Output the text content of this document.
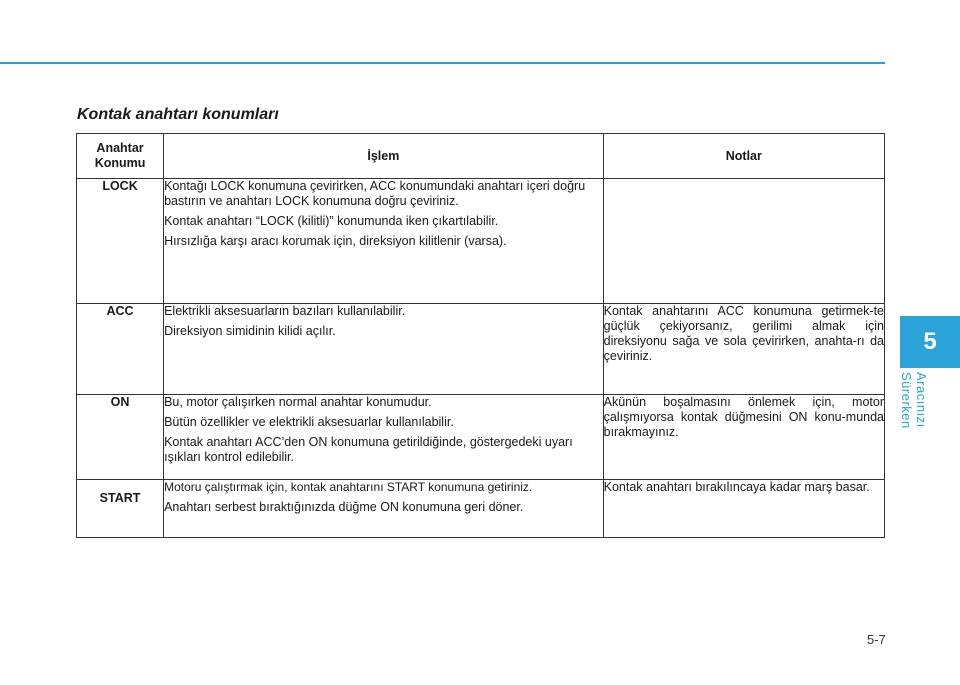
Kontak anahtarı konumları
Anahtar
Konumu	İşlem	Notlar
LOCK	Kontağı LOCK konumuna çevirirken, ACC konumundaki anahtarı içeri doğru bastırın ve anahtarı LOCK konumuna doğru çeviriniz.

Kontak anahtarı “LOCK (kilitli)” konumunda iken çıkartılabilir.

Hırsızlığa karşı aracı korumak için, direksiyon kilitlenir (varsa).	

ACC	Elektrikli aksesuarların bazıları kullanılabilir.

Direksiyon simidinin kilidi açılır.	Kontak anahtarını ACC konumuna getirmek-te güçlük çekiyorsanız, gerilimi almak için direksiyonu sağa ve sola çevirirken, anahta-rı da çeviriniz.

ON	Bu, motor çalışırken normal anahtar konumudur.

Bütün özellikler ve elektrikli aksesuarlar kullanılabilir.

Kontak anahtarı ACC’den ON konumuna getirildiğinde, göstergedeki uyarı ışıkları kontrol edilebilir.	Akünün boşalmasını önlemek için, motor çalışmıyorsa kontak düğmesini ON konu-munda bırakmayınız.

START	Motoru çalıştırmak için, kontak anahtarını START konumuna getiriniz.

Anahtarı serbest bıraktığınızda düğme ON konumuna geri döner.	Kontak anahtarı bırakılıncaya kadar marş basar.

5
Aracınızı Sürerken
5-7
